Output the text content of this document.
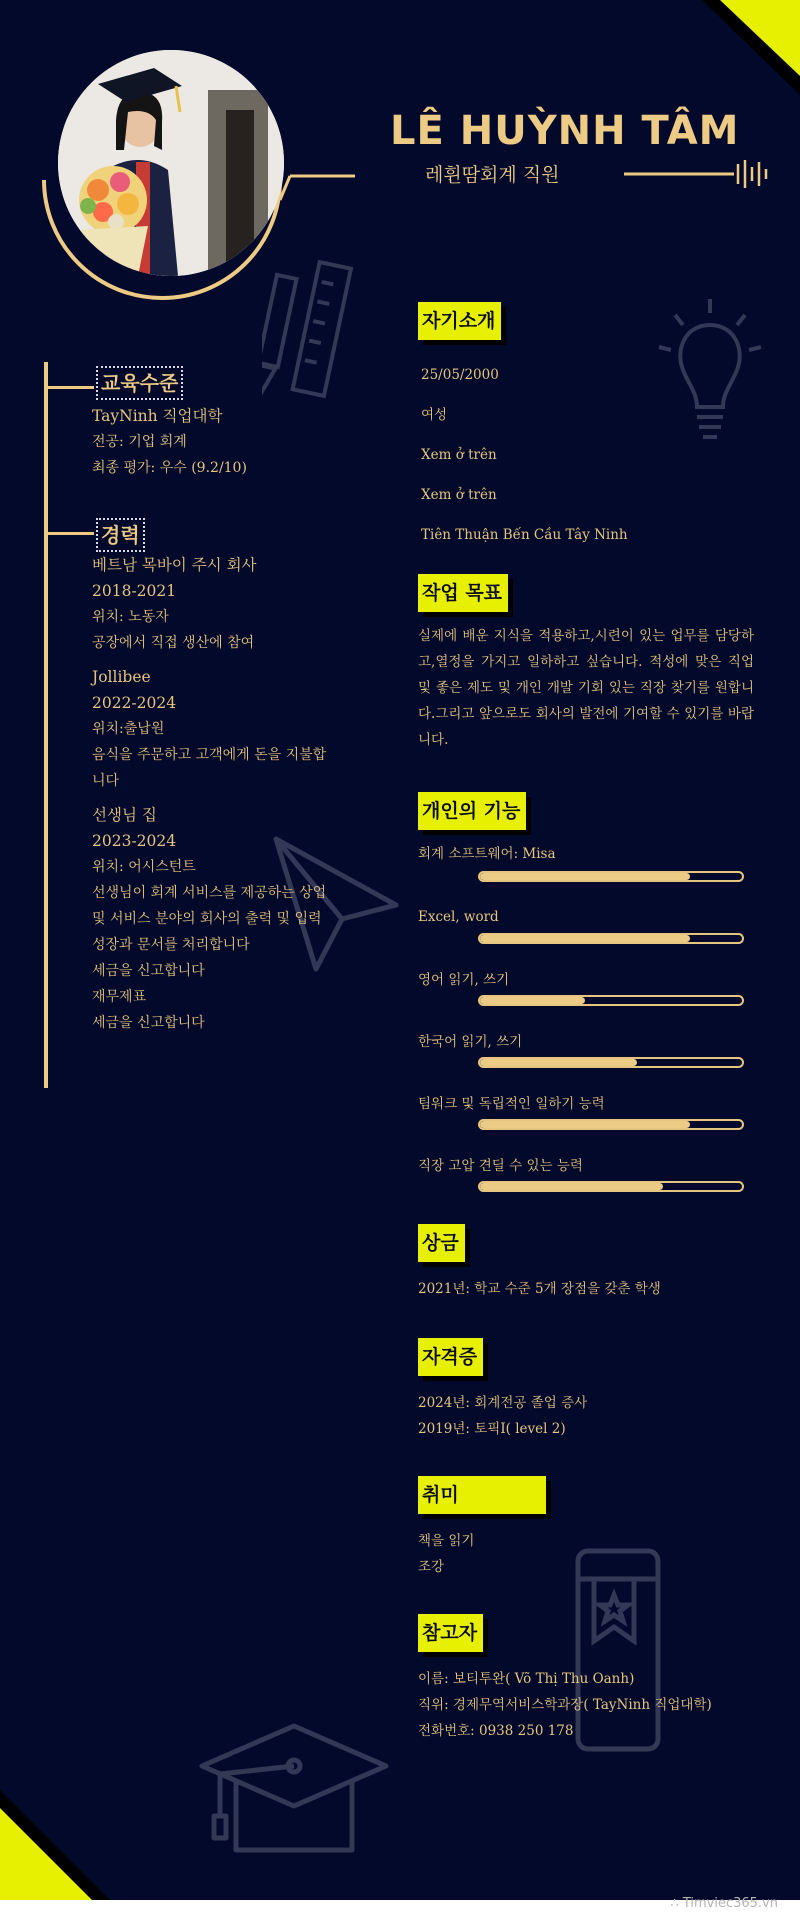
LÊ HUỲNH TÂM
레휜땀회계 직원
교육수준
TayNinh 직업대학
전공: 기업 회계
최종 평가: 우수 (9.2/10)
경력
베트남 목바이 주시 회사
2018-2021
위치: 노동자
공장에서 직접 생산에 참여
Jollibee
2022-2024
위치:출납원
음식을 주문하고 고객에게 돈을 지불합
니다
선생님 집
2023-2024
위치: 어시스턴트
선생님이 회계 서비스를 제공하는 상업
및 서비스 분야의 회사의 출력 및 입력
성장과 문서를 처리합니다
세금을 신고합니다
재무제표
세금을 신고합니다
자기소개
25/05/2000
여성
Xem ở trên
Xem ở trên
Tiên Thuận Bến Cầu Tây Ninh
작업 목표
실제에 배운 지식을 적용하고,시련이 있는 업무를 담당하고,열정을 가지고 일하하고 싶습니다. 적성에 맞은 직업 및 좋은 제도 및 개인 개발 기회 있는 직장 찾기를 원합니다.그리고 앞으로도 회사의 발전에 기여할 수 있기를 바랍니다.
개인의 기능
회계 소프트웨어: Misa
Excel, word
영어 읽기, 쓰기
한국어 읽기, 쓰기
팀워크 및 독립적인 일하기 능력
직장 고압 견딜 수 있는 능력
상금
2021년: 학교 수준 5개 장점을 갖춘 학생
자격증
2024년: 회계전공 졸업 증사
2019년: 토픽I( level 2)
취미
책을 읽기
조강
참고자
이름: 보티투완( Võ Thị Thu Oanh)
직위: 경제무역서비스학과장( TayNinh 직업대학)
전화번호: 0938 250 178
∴ Timviec365.vn
